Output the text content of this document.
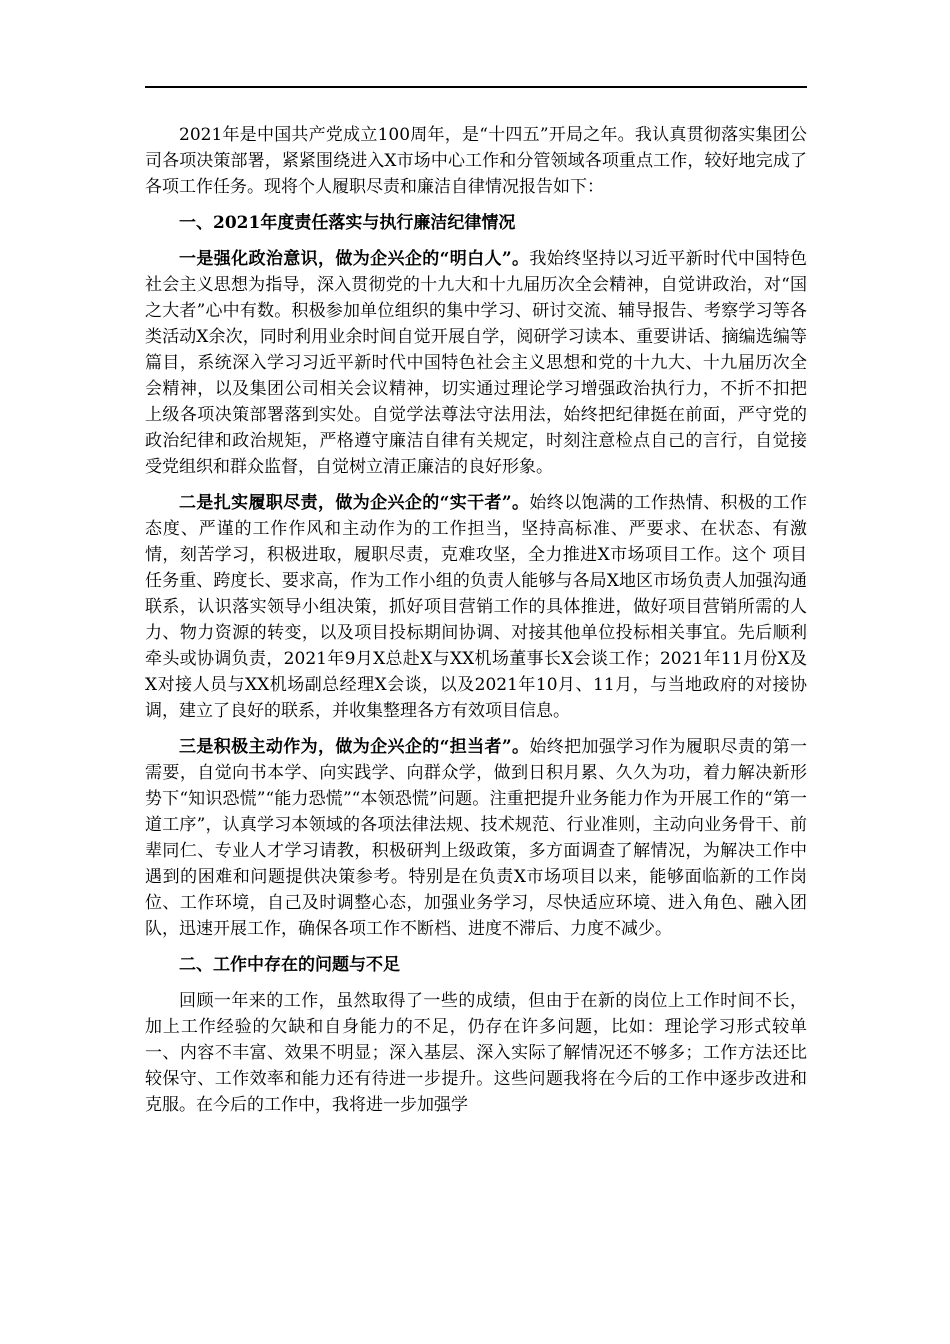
2021年是中国共产党成立100周年，是“十四五”开局之年。我认真贯彻落实集团公司各项决策部署，紧紧围绕进入X市场中心工作和分管领域各项重点工作，较好地完成了各项工作任务。现将个人履职尽责和廉洁自律情况报告如下：

一、2021年度责任落实与执行廉洁纪律情况

一是强化政治意识，做为企兴企的“明白人”。我始终坚持以习近平新时代中国特色社会主义思想为指导，深入贯彻党的十九大和十九届历次全会精神，自觉讲政治，对“国之大者”心中有数。积极参加单位组织的集中学习、研讨交流、辅导报告、考察学习等各类活动X余次，同时利用业余时间自觉开展自学，阅研学习读本、重要讲话、摘编选编等篇目，系统深入学习习近平新时代中国特色社会主义思想和党的十九大、十九届历次全会精神，以及集团公司相关会议精神，切实通过理论学习增强政治执行力，不折不扣把上级各项决策部署落到实处。自觉学法尊法守法用法，始终把纪律挺在前面，严守党的政治纪律和政治规矩，严格遵守廉洁自律有关规定，时刻注意检点自己的言行，自觉接受党组织和群众监督，自觉树立清正廉洁的良好形象。

二是扎实履职尽责，做为企兴企的“实干者”。始终以饱满的工作热情、积极的工作态度、严谨的工作作风和主动作为的工作担当，坚持高标准、严要求、在状态、有激情，刻苦学习，积极进取，履职尽责，克难攻坚，全力推进X市场项目工作。这个 项目任务重、跨度长、要求高，作为工作小组的负责人能够与各局X地区市场负责人加强沟通联系，认识落实领导小组决策，抓好项目营销工作的具体推进，做好项目营销所需的人力、物力资源的转变，以及项目投标期间协调、对接其他单位投标相关事宜。先后顺利牵头或协调负责，2021年9月X总赴X与XX机场董事长X会谈工作；2021年11月份X及X对接人员与XX机场副总经理X会谈，以及2021年10月、11月，与当地政府的对接协调，建立了良好的联系，并收集整理各方有效项目信息。

三是积极主动作为，做为企兴企的“担当者”。始终把加强学习作为履职尽责的第一需要，自觉向书本学、向实践学、向群众学，做到日积月累、久久为功，着力解决新形势下“知识恐慌”“能力恐慌”“本领恐慌”问题。注重把提升业务能力作为开展工作的“第一道工序”，认真学习本领域的各项法律法规、技术规范、行业准则，主动向业务骨干、前辈同仁、专业人才学习请教，积极研判上级政策，多方面调查了解情况，为解决工作中遇到的困难和问题提供决策参考。特别是在负责X市场项目以来，能够面临新的工作岗位、工作环境，自己及时调整心态，加强业务学习，尽快适应环境、进入角色、融入团队，迅速开展工作，确保各项工作不断档、进度不滞后、力度不减少。

二、工作中存在的问题与不足

回顾一年来的工作，虽然取得了一些的成绩，但由于在新的岗位上工作时间不长，加上工作经验的欠缺和自身能力的不足，仍存在许多问题，比如：理论学习形式较单一、内容不丰富、效果不明显；深入基层、深入实际了解情况还不够多；工作方法还比较保守、工作效率和能力还有待进一步提升。这些问题我将在今后的工作中逐步改进和克服。在今后的工作中，我将进一步加强学
